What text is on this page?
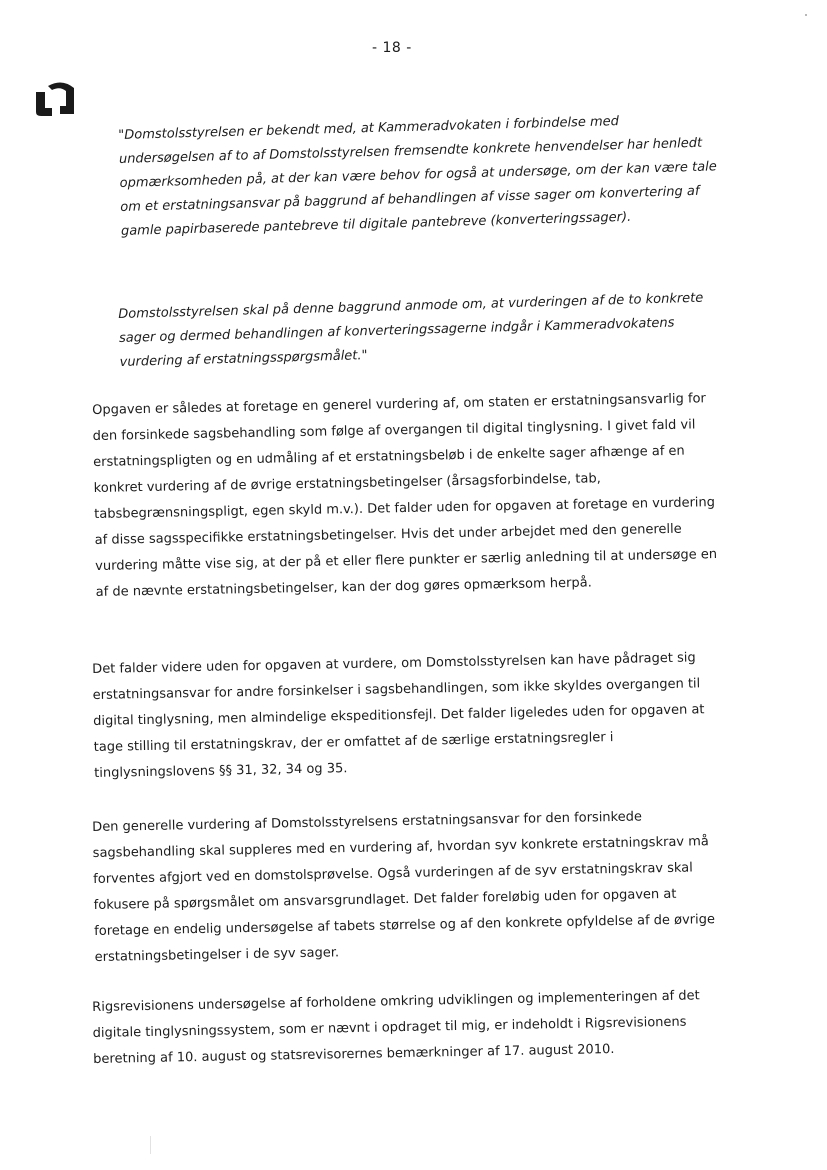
- 18 -

"Domstolsstyrelsen er bekendt med, at Kammeradvokaten i forbindelse med undersøgelsen af to af Domstolsstyrelsen fremsendte konkrete henvendelser har henledt opmærksomheden på, at der kan være behov for også at undersøge, om der kan være tale om et erstatningsansvar på baggrund af behandlingen af visse sager om konvertering af gamle papirbaserede pantebreve til digitale pantebreve (konverteringssager).

Domstolsstyrelsen skal på denne baggrund anmode om, at vurderingen af de to konkrete sager og dermed behandlingen af konverteringssagerne indgår i Kammeradvokatens vurdering af erstatningsspørgsmålet."

Opgaven er således at foretage en generel vurdering af, om staten er erstatningsansvarlig for den forsinkede sagsbehandling som følge af overgangen til digital tinglysning. I givet fald vil erstatningspligten og en udmåling af et erstatningsbeløb i de enkelte sager afhænge af en konkret vurdering af de øvrige erstatningsbetingelser (årsagsforbindelse, tab, tabsbegrænsningspligt, egen skyld m.v.). Det falder uden for opgaven at foretage en vurdering af disse sagsspecifikke erstatningsbetingelser. Hvis det under arbejdet med den generelle vurdering måtte vise sig, at der på et eller flere punkter er særlig anledning til at undersøge en af de nævnte erstatningsbetingelser, kan der dog gøres opmærksom herpå.

Det falder videre uden for opgaven at vurdere, om Domstolsstyrelsen kan have pådraget sig erstatningsansvar for andre forsinkelser i sagsbehandlingen, som ikke skyldes overgangen til digital tinglysning, men almindelige ekspeditionsfejl. Det falder ligeledes uden for opgaven at tage stilling til erstatningskrav, der er omfattet af de særlige erstatningsregler i tinglysningslovens §§ 31, 32, 34 og 35.

Den generelle vurdering af Domstolsstyrelsens erstatningsansvar for den forsinkede sagsbehandling skal suppleres med en vurdering af, hvordan syv konkrete erstatningskrav må forventes afgjort ved en domstolsprøvelse. Også vurderingen af de syv erstatningskrav skal fokusere på spørgsmålet om ansvarsgrundlaget. Det falder foreløbig uden for opgaven at foretage en endelig undersøgelse af tabets størrelse og af den konkrete opfyldelse af de øvrige erstatningsbetingelser i de syv sager.

Rigsrevisionens undersøgelse af forholdene omkring udviklingen og implementeringen af det digitale tinglysningssystem, som er nævnt i opdraget til mig, er indeholdt i Rigsrevisionens beretning af 10. august og statsrevisorernes bemærkninger af 17. august 2010.
